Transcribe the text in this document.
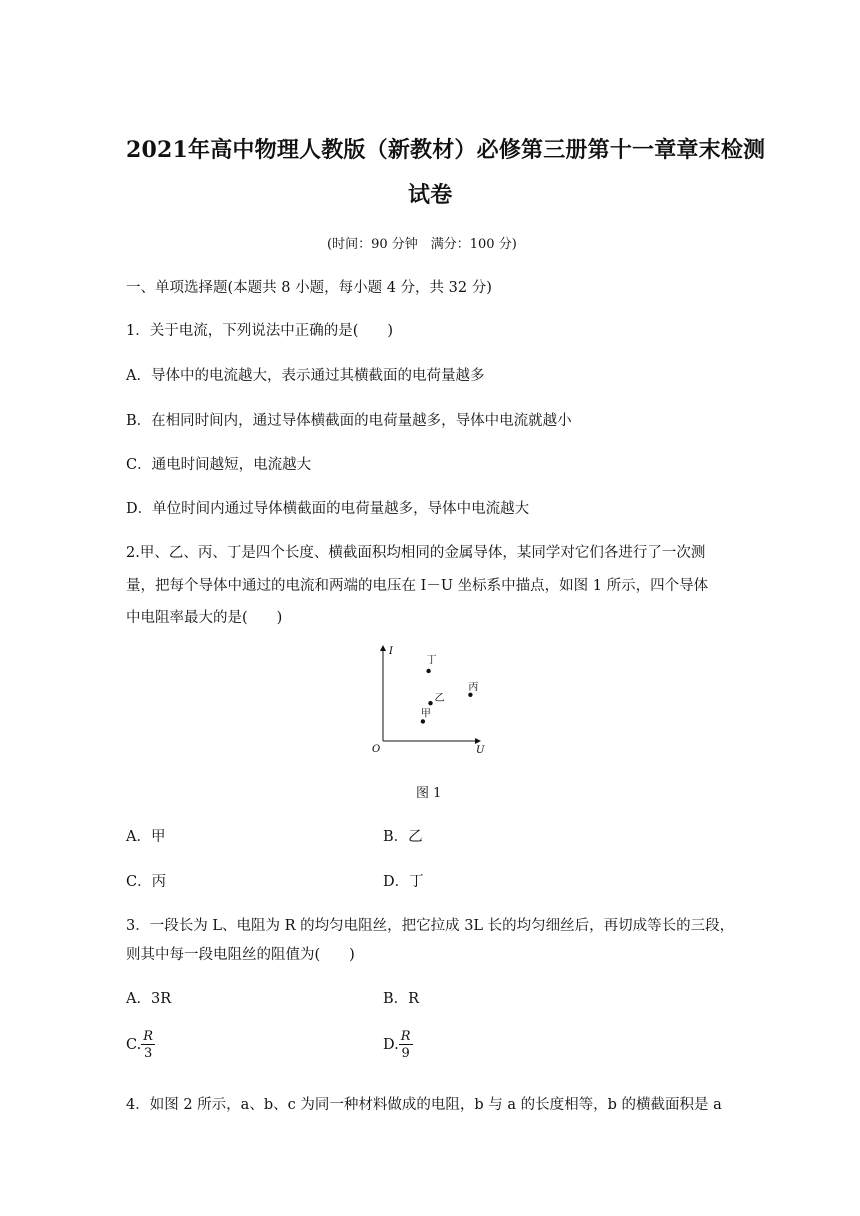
2021年高中物理人教版（新教材）必修第三册第十一章章末检测
试卷
(时间：90 分钟　满分：100 分)
一、单项选择题(本题共 8 小题，每小题 4 分，共 32 分)
1．关于电流，下列说法中正确的是(　　)
A．导体中的电流越大，表示通过其横截面的电荷量越多
B．在相同时间内，通过导体横截面的电荷量越多，导体中电流就越小
C．通电时间越短，电流越大
D．单位时间内通过导体横截面的电荷量越多，导体中电流越大
2.甲、乙、丙、丁是四个长度、横截面积均相同的金属导体，某同学对它们各进行了一次测
量，把每个导体中通过的电流和两端的电压在 I－U 坐标系中描点，如图 1 所示，四个导体
中电阻率最大的是(　　)
I
U
O
丁
丙
乙
甲
图 1
A．甲	B．乙
C．丙	D．丁
3．一段长为 L、电阻为 R 的均匀电阻丝，把它拉成 3L 长的均匀细丝后，再切成等长的三段，
则其中每一段电阻丝的阻值为(　　)
A．3R	B．R
C. $\frac{R}{3}$	D. $\frac{R}{9}$
4．如图 2 所示，a、b、c 为同一种材料做成的电阻，b 与 a 的长度相等，b 的横截面积是 a
